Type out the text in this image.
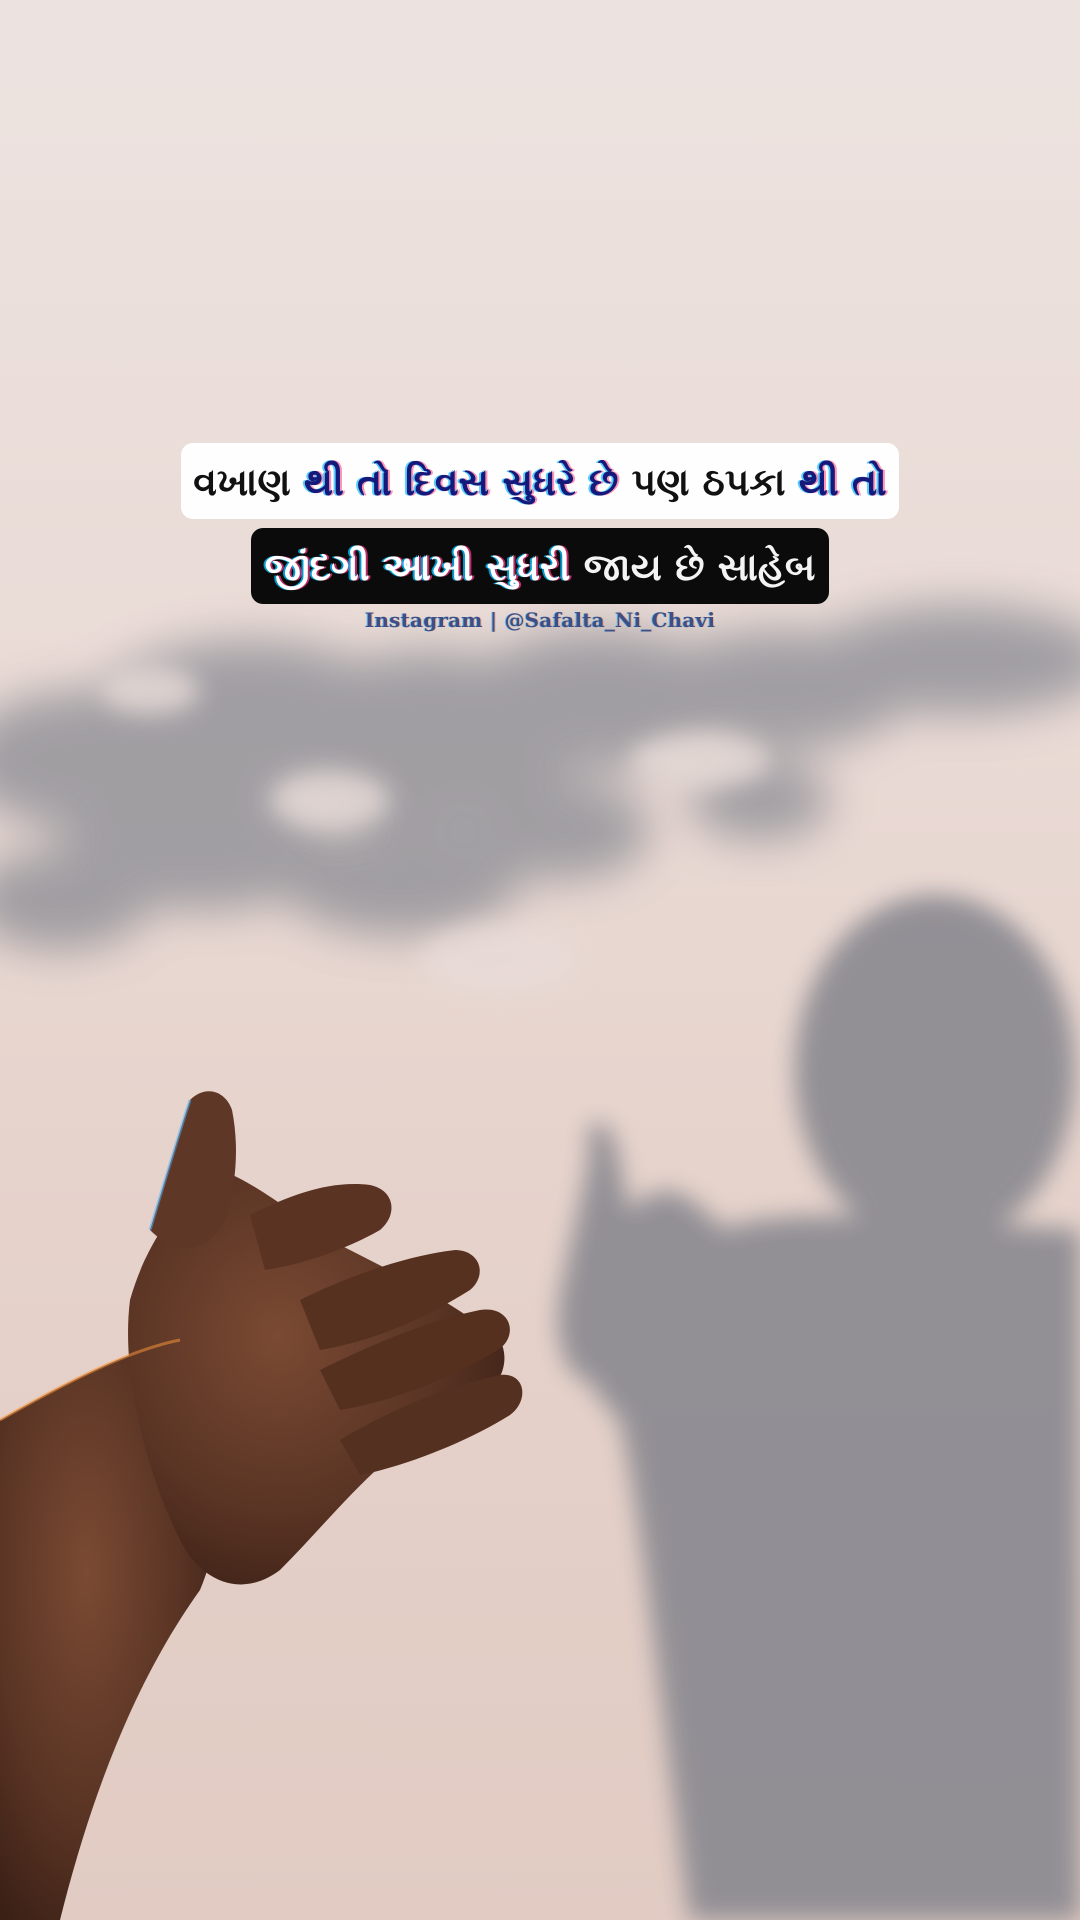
વખાણ થી તો દિવસ સુધરે છે પણ ઠપકા થી તો
જીંદગી આખી સુધરી જાય છે સાહેબ
Instagram | @Safalta_Ni_Chavi
